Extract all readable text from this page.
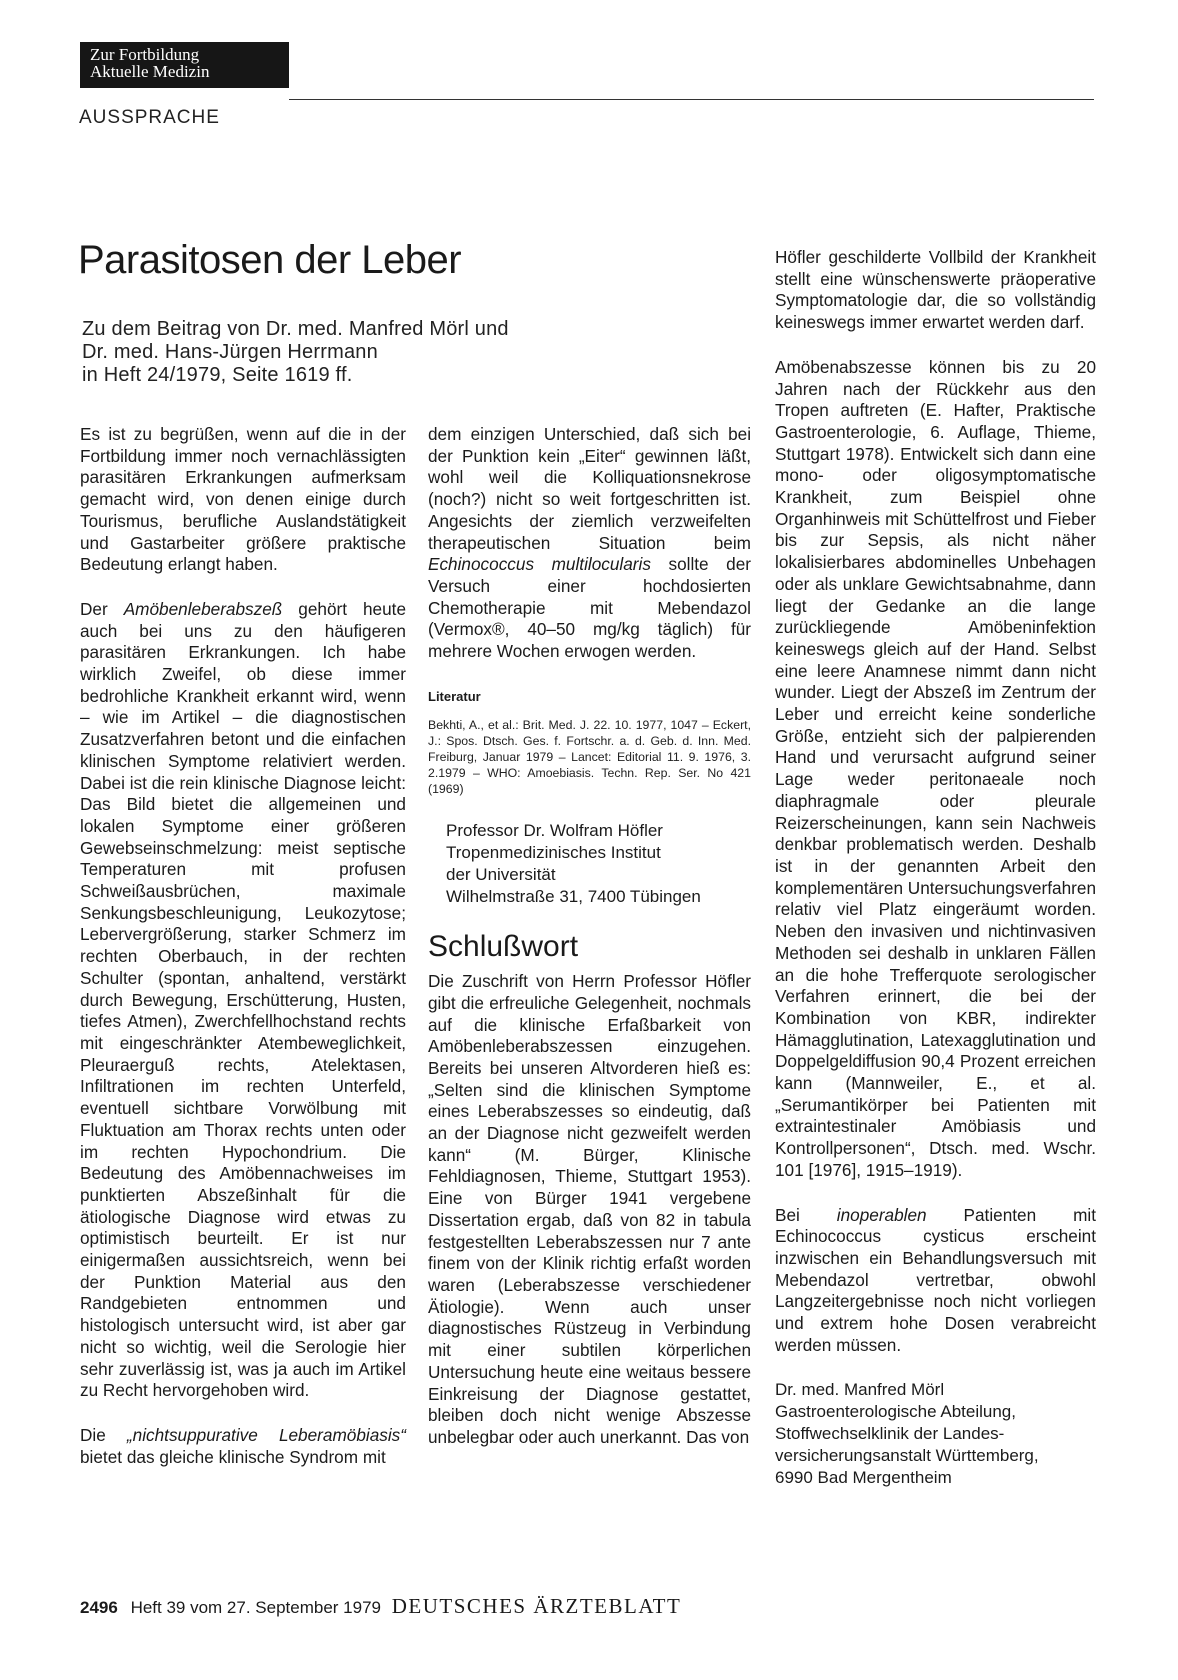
Zur Fortbildung
Aktuelle Medizin
AUSSPRACHE
Parasitosen der Leber
Zu dem Beitrag von Dr. med. Manfred Mörl und
Dr. med. Hans-Jürgen Herrmann
in Heft 24/1979, Seite 1619 ff.

Es ist zu begrüßen, wenn auf die in der Fortbildung immer noch vernachlässigten parasitären Erkrankungen aufmerksam gemacht wird, von denen einige durch Tourismus, berufliche Auslandstätigkeit und Gastarbeiter größere praktische Bedeutung erlangt haben.

Der Amöbenleberabszeß gehört heute auch bei uns zu den häufigeren parasitären Erkrankungen. Ich habe wirklich Zweifel, ob diese immer bedrohliche Krankheit erkannt wird, wenn – wie im Artikel – die diagnostischen Zusatzverfahren betont und die einfachen klinischen Symptome relativiert werden. Dabei ist die rein klinische Diagnose leicht: Das Bild bietet die allgemeinen und lokalen Symptome einer größeren Gewebseinschmelzung: meist septische Temperaturen mit profusen Schweißausbrüchen, maximale Senkungsbeschleunigung, Leukozytose; Lebervergrößerung, starker Schmerz im rechten Oberbauch, in der rechten Schulter (spontan, anhaltend, verstärkt durch Bewegung, Erschütterung, Husten, tiefes Atmen), Zwerchfellhochstand rechts mit eingeschränkter Atembeweglichkeit, Pleuraerguß rechts, Atelektasen, Infiltrationen im rechten Unterfeld, eventuell sichtbare Vorwölbung mit Fluktuation am Thorax rechts unten oder im rechten Hypochondrium. Die Bedeutung des Amöbennachweises im punktierten Abszeßinhalt für die ätiologische Diagnose wird etwas zu optimistisch beurteilt. Er ist nur einigermaßen aussichtsreich, wenn bei der Punktion Material aus den Randgebieten entnommen und histologisch untersucht wird, ist aber gar nicht so wichtig, weil die Serologie hier sehr zuverlässig ist, was ja auch im Artikel zu Recht hervorgehoben wird.

Die „nichtsuppurative Leberamöbiasis“ bietet das gleiche klinische Syndrom mit

dem einzigen Unterschied, daß sich bei der Punktion kein „Eiter“ gewinnen läßt, wohl weil die Kolliquationsnekrose (noch?) nicht so weit fortgeschritten ist. Angesichts der ziemlich verzweifelten therapeutischen	Situation	beim Echinococcus multilocularis sollte der Versuch	einer	hochdosierten Chemotherapie	mit	Mebendazol (Vermox®, 40–50 mg/kg täglich) für mehrere Wochen erwogen werden.

Literatur

Bekhti, A., et al.: Brit. Med. J. 22. 10. 1977, 1047 – Eckert, J.: Spos. Dtsch. Ges. f. Fortschr. a. d. Geb. d. Inn. Med. Freiburg, Januar 1979 – Lancet: Editorial 11. 9. 1976, 3. 2.1979 – WHO: Amoebiasis. Techn. Rep. Ser. No 421 (1969)

Professor Dr. Wolfram Höfler
Tropenmedizinisches Institut
der Universität
Wilhelmstraße 31, 7400 Tübingen
Schlußwort

Die Zuschrift von Herrn Professor Höfler gibt die erfreuliche Gelegenheit, nochmals auf die klinische Erfaßbarkeit von Amöbenleberabszessen	einzugehen. Bereits bei unseren Altvorderen hieß es: „Selten sind die klinischen Symptome eines Leberabszesses so eindeutig, daß an der Diagnose nicht gezweifelt werden kann“	(M.	Bürger,	Klinische Fehldiagnosen, Thieme, Stuttgart 1953). Eine von Bürger 1941 vergebene Dissertation ergab, daß von 82 in tabula festgestellten Leberabszessen nur 7 ante finem von der Klinik richtig erfaßt worden waren (Leberabszesse verschiedener Ätiologie). Wenn auch unser diagnostisches Rüstzeug in Verbindung mit einer subtilen körperlichen Untersuchung heute eine weitaus bessere Einkreisung der Diagnose gestattet, bleiben doch nicht wenige Abszesse unbelegbar oder auch unerkannt. Das von

Höfler geschilderte Vollbild der Krankheit stellt eine wünschenswerte präoperative Symptomatologie dar, die so vollständig keineswegs immer erwartet werden darf.

Amöbenabszesse können bis zu 20 Jahren nach der Rückkehr aus den Tropen auftreten (E. Hafter, Praktische Gastroenterologie, 6. Auflage, Thieme, Stuttgart 1978). Entwickelt sich dann eine mono- oder oligosymptomatische Krankheit, zum Beispiel ohne Organhinweis mit Schüttelfrost und Fieber bis zur Sepsis, als nicht näher lokalisierbares abdominelles Unbehagen oder als unklare Gewichtsabnahme, dann liegt der Gedanke an die lange zurückliegende Amöbeninfektion keineswegs gleich auf der Hand. Selbst eine leere Anamnese nimmt dann nicht wunder. Liegt der Abszeß im Zentrum der Leber und erreicht keine sonderliche Größe, entzieht sich der palpierenden Hand und verursacht aufgrund seiner Lage weder peritonaeale noch diaphragmale oder pleurale Reizerscheinungen, kann sein Nachweis denkbar problematisch werden. Deshalb ist in der genannten Arbeit den komplementären Untersuchungsverfahren relativ viel Platz eingeräumt worden. Neben den invasiven und nichtinvasiven Methoden sei deshalb in unklaren Fällen an die hohe Trefferquote serologischer Verfahren erinnert, die bei der Kombination von KBR, indirekter Hämagglutination, Latexagglutination und Doppelgeldiffusion 90,4 Prozent erreichen kann (Mannweiler, E., et al. „Serumantikörper bei Patienten mit extraintestinaler Amöbiasis und Kontrollpersonen“, Dtsch. med. Wschr. 101 [1976], 1915–1919).

Bei inoperablen Patienten mit Echinococcus cysticus erscheint inzwischen ein Behandlungsversuch mit Mebendazol vertretbar, obwohl Langzeitergebnisse noch nicht vorliegen und extrem hohe Dosen verabreicht werden müssen.

Dr. med. Manfred Mörl
Gastroenterologische Abteilung,
Stoffwechselklinik der Landes-
versicherungsanstalt Württemberg,
6990 Bad Mergentheim
2496 Heft 39 vom 27. September 1979 DEUTSCHES ÄRZTEBLATT
